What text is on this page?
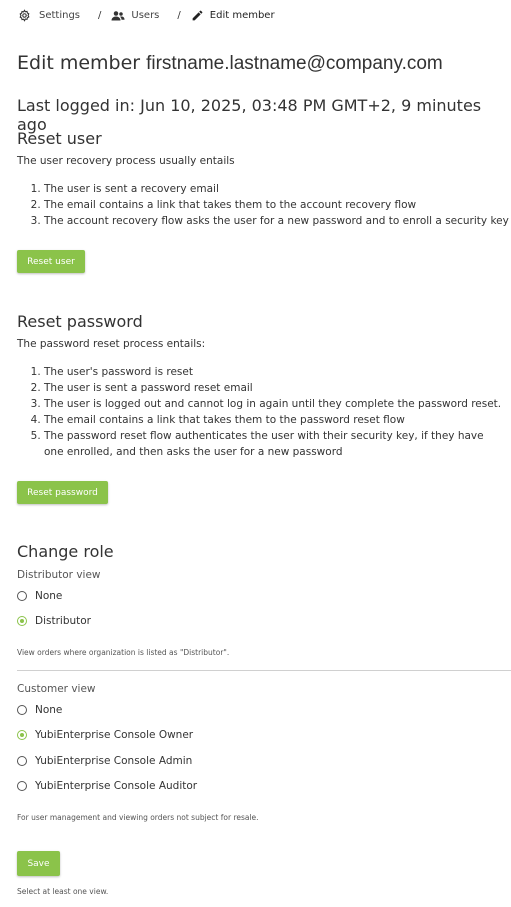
Settings /	Users /	Edit member
Edit member firstname.lastname@company.com
Last logged in: Jun 10, 2025, 03:48 PM GMT+2, 9 minutes ago
Reset user
The user recovery process usually entails
1. The user is sent a recovery email
2. The email contains a link that takes them to the account recovery flow
3. The account recovery flow asks the user for a new password and to enroll a security key
Reset user
Reset password
The password reset process entails:
1. The user's password is reset
2. The user is sent a password reset email
3. The user is logged out and cannot log in again until they complete the password reset.
4. The email contains a link that takes them to the password reset flow
5. The password reset flow authenticates the user with their security key, if they have one enrolled, and then asks the user for a new password
Reset password
Change role
Distributor view
None
Distributor
View orders where organization is listed as "Distributor".
Customer view
None
YubiEnterprise Console Owner
YubiEnterprise Console Admin
YubiEnterprise Console Auditor
For user management and viewing orders not subject for resale.
Save
Select at least one view.
